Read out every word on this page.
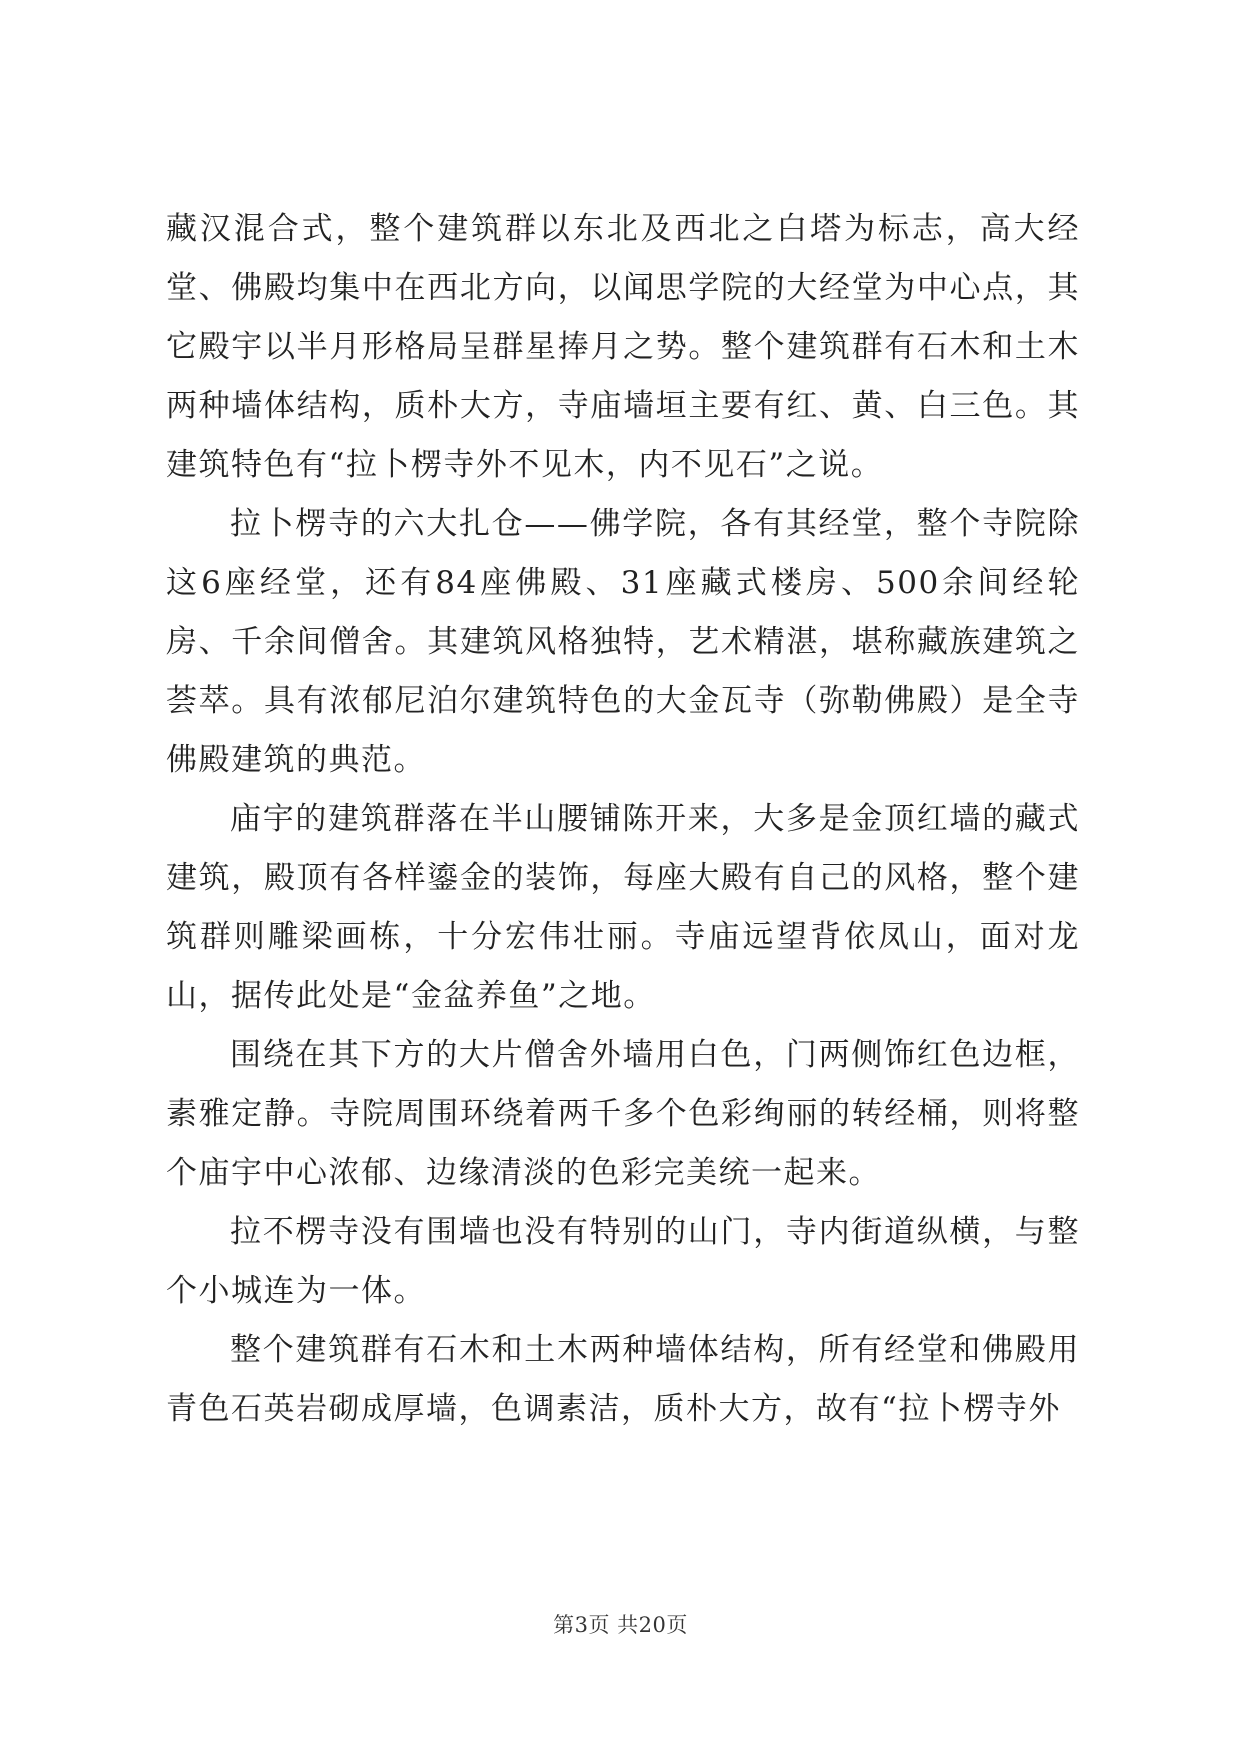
藏汉混合式，整个建筑群以东北及西北之白塔为标志，高大经堂、佛殿均集中在西北方向，以闻思学院的大经堂为中心点，其它殿宇以半月形格局呈群星捧月之势。整个建筑群有石木和土木两种墙体结构，质朴大方，寺庙墙垣主要有红、黄、白三色。其建筑特色有“拉卜楞寺外不见木，内不见石”之说。

拉卜楞寺的六大扎仓——佛学院，各有其经堂，整个寺院除这6座经堂，还有84座佛殿、31座藏式楼房、500余间经轮房、千余间僧舍。其建筑风格独特，艺术精湛，堪称藏族建筑之荟萃。具有浓郁尼泊尔建筑特色的大金瓦寺（弥勒佛殿）是全寺佛殿建筑的典范。

庙宇的建筑群落在半山腰铺陈开来，大多是金顶红墙的藏式建筑，殿顶有各样鎏金的装饰，每座大殿有自己的风格，整个建筑群则雕梁画栋，十分宏伟壮丽。寺庙远望背依凤山，面对龙山，据传此处是“金盆养鱼”之地。

围绕在其下方的大片僧舍外墙用白色，门两侧饰红色边框，素雅定静。寺院周围环绕着两千多个色彩绚丽的转经桶，则将整个庙宇中心浓郁、边缘清淡的色彩完美统一起来。

拉不楞寺没有围墙也没有特别的山门，寺内街道纵横，与整个小城连为一体。

整个建筑群有石木和土木两种墙体结构，所有经堂和佛殿用青色石英岩砌成厚墙，色调素洁，质朴大方，故有“拉卜楞寺外

第3页 共20页
